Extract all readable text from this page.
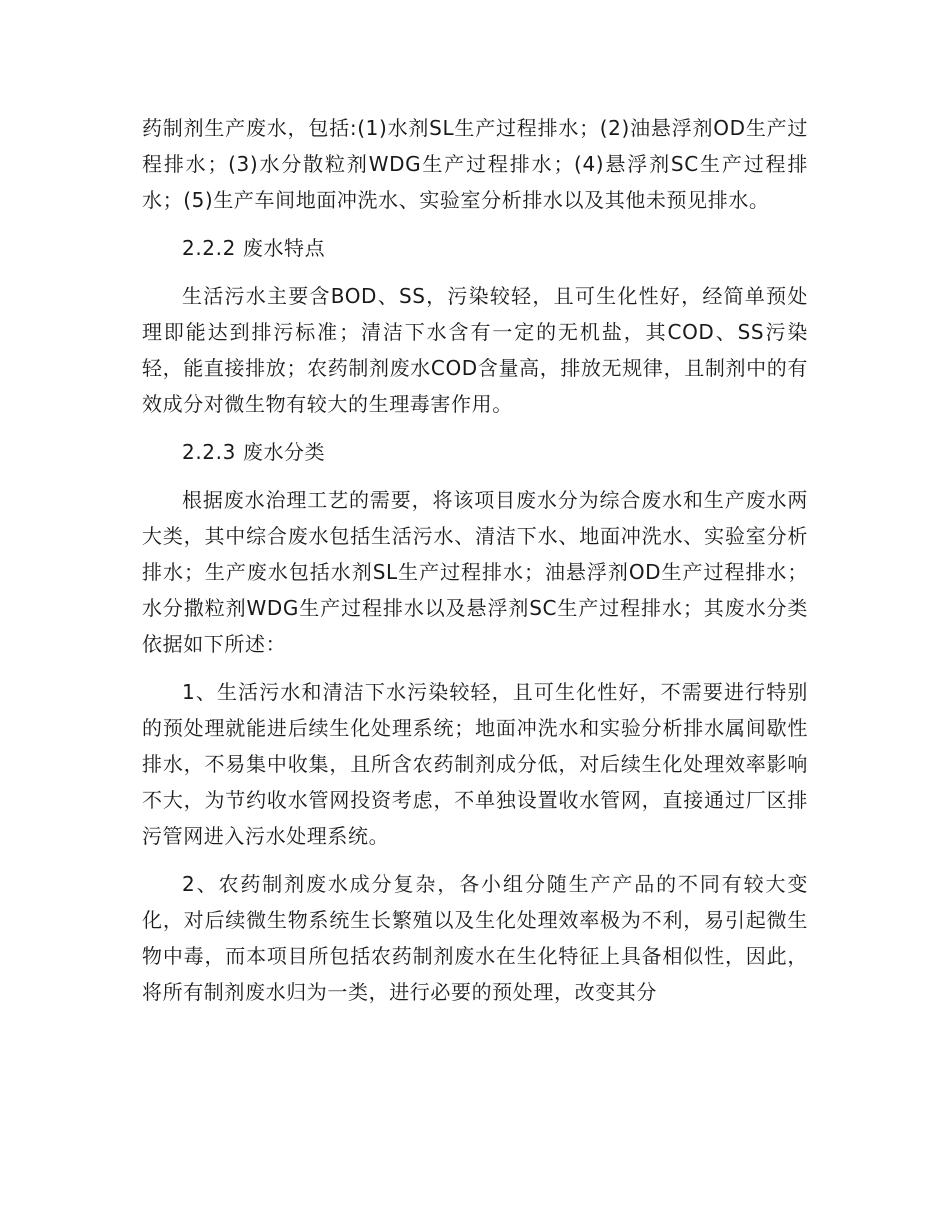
药制剂生产废水，包括:(1)水剂SL生产过程排水；(2)油悬浮剂OD生产过程排水；(3)水分散粒剂WDG生产过程排水；(4)悬浮剂SC生产过程排水；(5)生产车间地面冲洗水、实验室分析排水以及其他未预见排水。

2.2.2 废水特点

生活污水主要含BOD、SS，污染较轻，且可生化性好，经简单预处理即能达到排污标准；清洁下水含有一定的无机盐，其COD、SS污染轻，能直接排放；农药制剂废水COD含量高，排放无规律，且制剂中的有效成分对微生物有较大的生理毒害作用。

2.2.3 废水分类

根据废水治理工艺的需要，将该项目废水分为综合废水和生产废水两大类，其中综合废水包括生活污水、清洁下水、地面冲洗水、实验室分析排水；生产废水包括水剂SL生产过程排水；油悬浮剂OD生产过程排水；水分撒粒剂WDG生产过程排水以及悬浮剂SC生产过程排水；其废水分类依据如下所述：

1、生活污水和清洁下水污染较轻，且可生化性好，不需要进行特别的预处理就能进后续生化处理系统；地面冲洗水和实验分析排水属间歇性排水，不易集中收集，且所含农药制剂成分低，对后续生化处理效率影响不大，为节约收水管网投资考虑，不单独设置收水管网，直接通过厂区排污管网进入污水处理系统。

2、农药制剂废水成分复杂，各小组分随生产产品的不同有较大变化，对后续微生物系统生长繁殖以及生化处理效率极为不利，易引起微生物中毒，而本项目所包括农药制剂废水在生化特征上具备相似性，因此，将所有制剂废水归为一类，进行必要的预处理，改变其分
